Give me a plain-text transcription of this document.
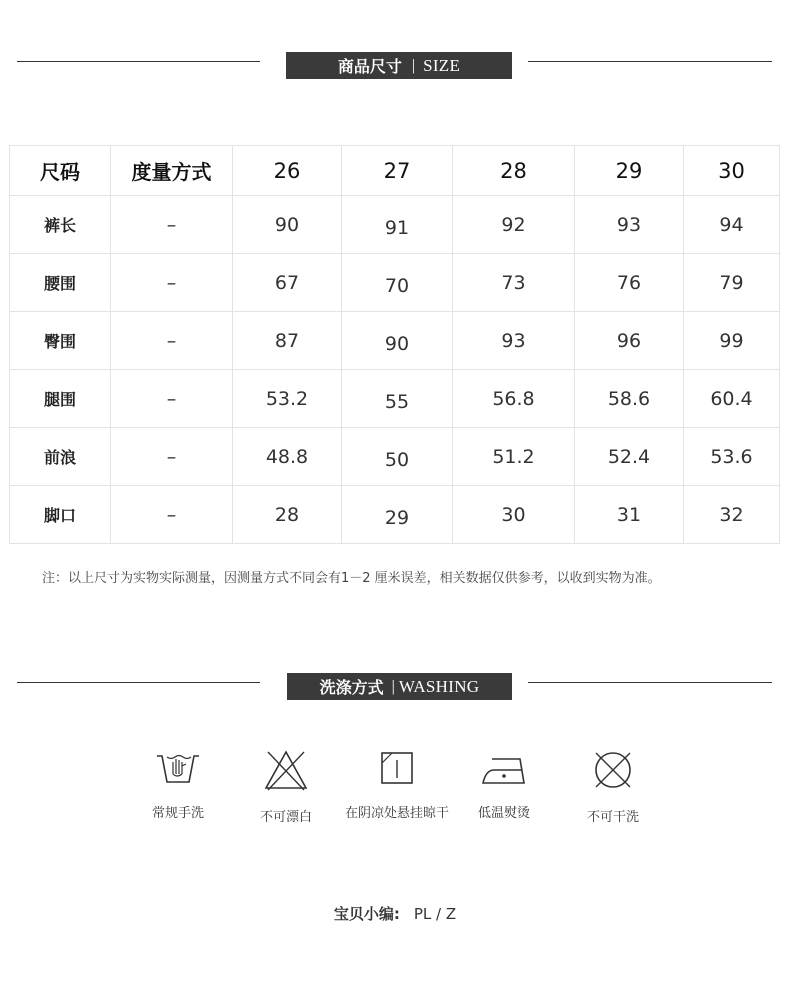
商品尺寸 | SIZE
尺码	度量方式	26	27	28	29	30
裤长	–	90	91	92	93	94
腰围	–	67	70	73	76	79
臀围	–	87	90	93	96	99
腿围	–	53.2	55	56.8	58.6	60.4
前浪	–	48.8	50	51.2	52.4	53.6
脚口	–	28	29	30	31	32
注：以上尺寸为实物实际测量，因测量方式不同会有1－2 厘米误差，相关数据仅供参考，以收到实物为准。
洗涤方式 | WASHING
常规手洗	不可漂白	在阴凉处悬挂晾干	低温熨烫	不可干洗
宝贝小编: PL / Z
